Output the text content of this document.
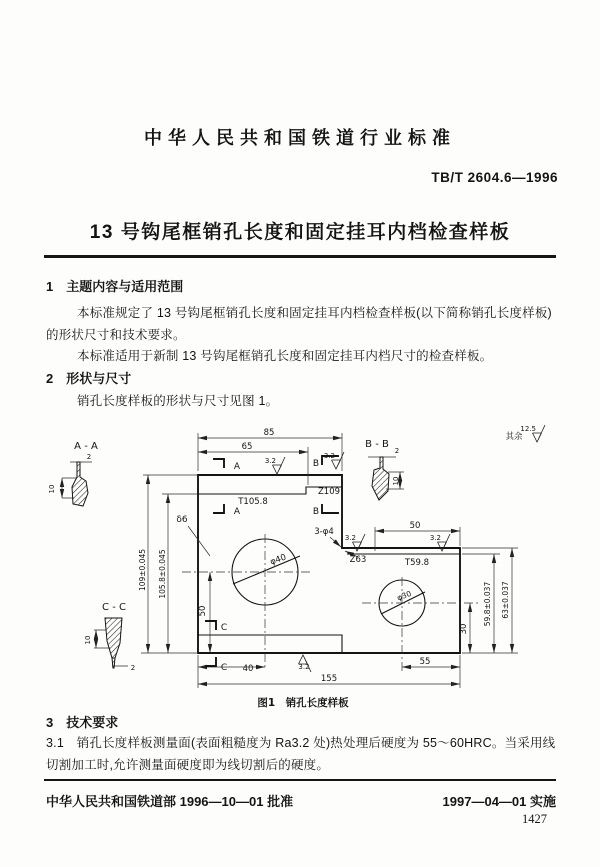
中华人民共和国铁道行业标准
TB/T 2604.6—1996
13 号钩尾框销孔长度和固定挂耳内档检查样板
1 主题内容与适用范围
本标准规定了 13 号钩尾框销孔长度和固定挂耳内档检查样板(以下简称销孔长度样板)
的形状尺寸和技术要求。
本标准适用于新制 13 号钩尾框销孔长度和固定挂耳内档尺寸的检查样板。
2 形状与尺寸
销孔长度样板的形状与尺寸见图 1。
85
65
50
109±0.045 105.8±0.045
50	59.8±0.037 63±0.037
30
40
55
155
φ40
φ30
T105.8
Z109
Z63	T59.8
3-φ4
δ6
A
A
B
B
C
C
A - A
2
10
B - B
2
10
C - C
10
2
其余
3.2
3.2
3.2	3.2
3.2
12.5
图1　销孔长度样板
3 技术要求
3.1　销孔长度样板测量面(表面粗糙度为 Ra3.2 处)热处理后硬度为 55～60HRC。当采用线
切割加工时,允许测量面硬度即为线切割后的硬度。
中华人民共和国铁道部 1996—10—01 批准	1997—04—01 实施
1427
